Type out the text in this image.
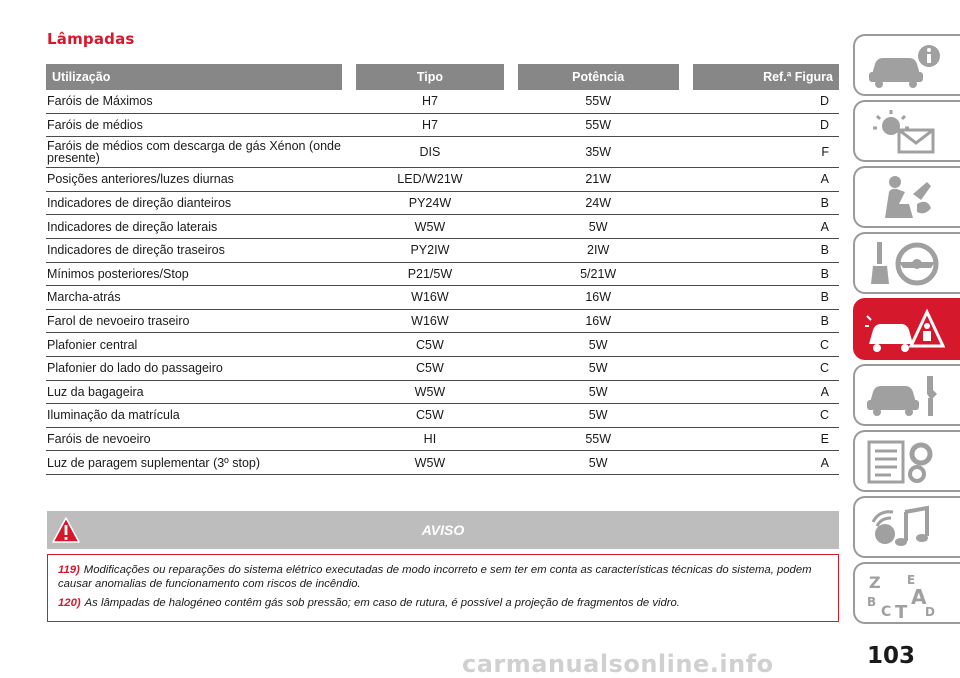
Lâmpadas
Utilização	Tipo	Potência	Ref.ª Figura
Faróis de Máximos	H7	55W	D
Faróis de médios	H7	55W	D
Faróis de médios com descarga de gás Xénon (onde presente)	DIS	35W	F
Posições anteriores/luzes diurnas	LED/W21W	21W	A
Indicadores de direção dianteiros	PY24W	24W	B
Indicadores de direção laterais	W5W	5W	A
Indicadores de direção traseiros	PY2IW	2IW	B
Mínimos posteriores/Stop	P21/5W	5/21W	B
Marcha-atrás	W16W	16W	B
Farol de nevoeiro traseiro	W16W	16W	B
Plafonier central	C5W	5W	C
Plafonier do lado do passageiro	C5W	5W	C
Luz da bagageira	W5W	5W	A
Iluminação da matrícula	C5W	5W	C
Faróis de nevoeiro	HI	55W	E
Luz de paragem suplementar (3º stop)	W5W	5W	A
AVISO

119) Modificações ou reparações do sistema elétrico executadas de modo incorreto e sem ter em conta as características técnicas do sistema, podem causar anomalias de funcionamento com riscos de incêndio.

120) As lâmpadas de halogéneo contêm gás sob pressão; em caso de rutura, é possível a projeção de fragmentos de vidro.

Z E
B A
C	D
T
103
carmanualsonline.info
